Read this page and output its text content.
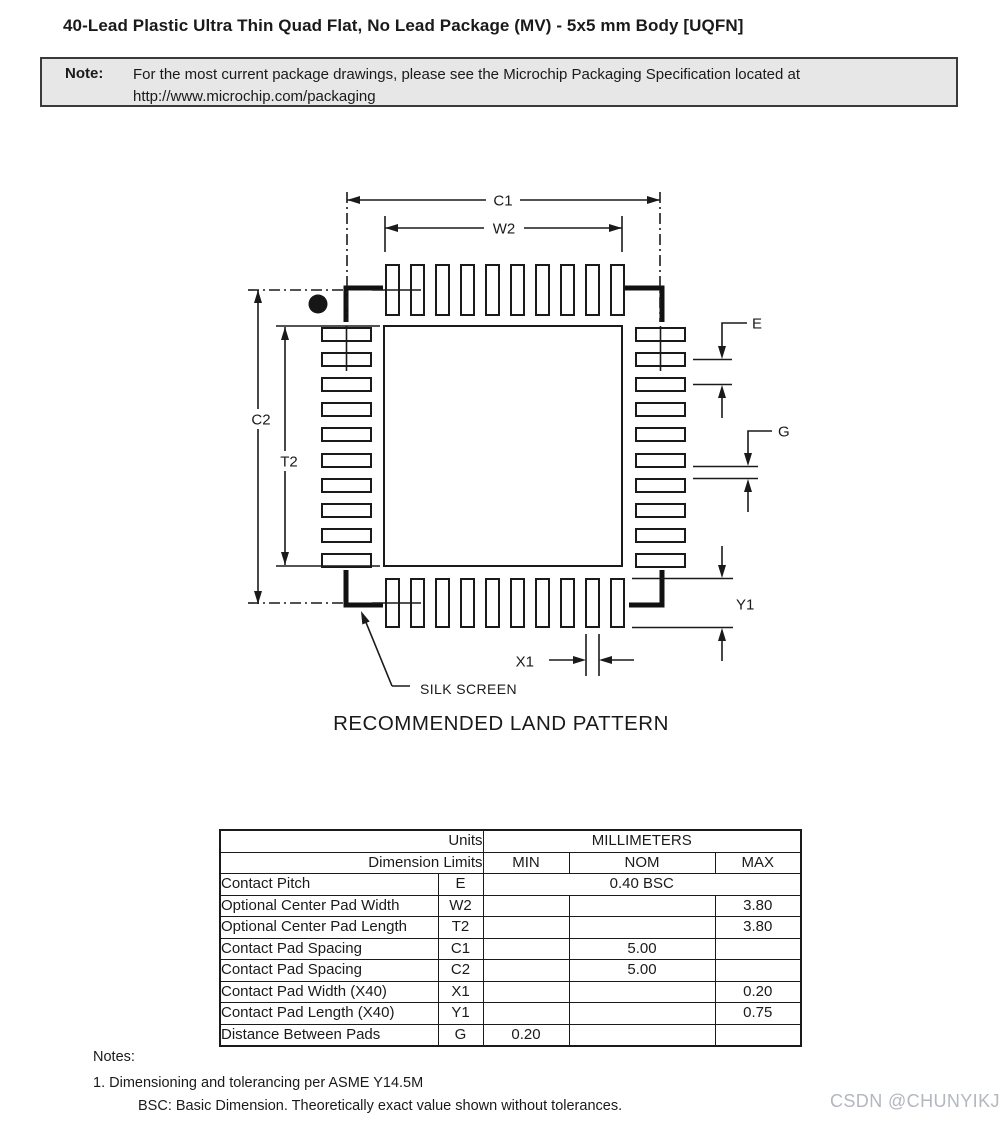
40-Lead Plastic Ultra Thin Quad Flat, No Lead Package (MV) - 5x5 mm Body [UQFN]
Note:	For the most current package drawings, please see the Microchip Packaging Specification located at
http://www.microchip.com/packaging
C1
W2
C2
T2
E
G
Y1
X1
SILK SCREEN
RECOMMENDED LAND PATTERN
Units		MILLIMETERS		
Dimension Limits		MIN	NOM	MAX
Contact Pitch	E	0.40 BSC		
Optional Center Pad Width	W2			3.80
Optional Center Pad Length	T2			3.80
Contact Pad Spacing	C1		5.00	
Contact Pad Spacing	C2		5.00	
Contact Pad Width (X40)	X1			0.20
Contact Pad Length (X40)	Y1			0.75
Distance Between Pads	G	0.20		
Notes:
1. Dimensioning and tolerancing per ASME Y14.5M
BSC: Basic Dimension. Theoretically exact value shown without tolerances.	CSDN @CHUNYIKJ
